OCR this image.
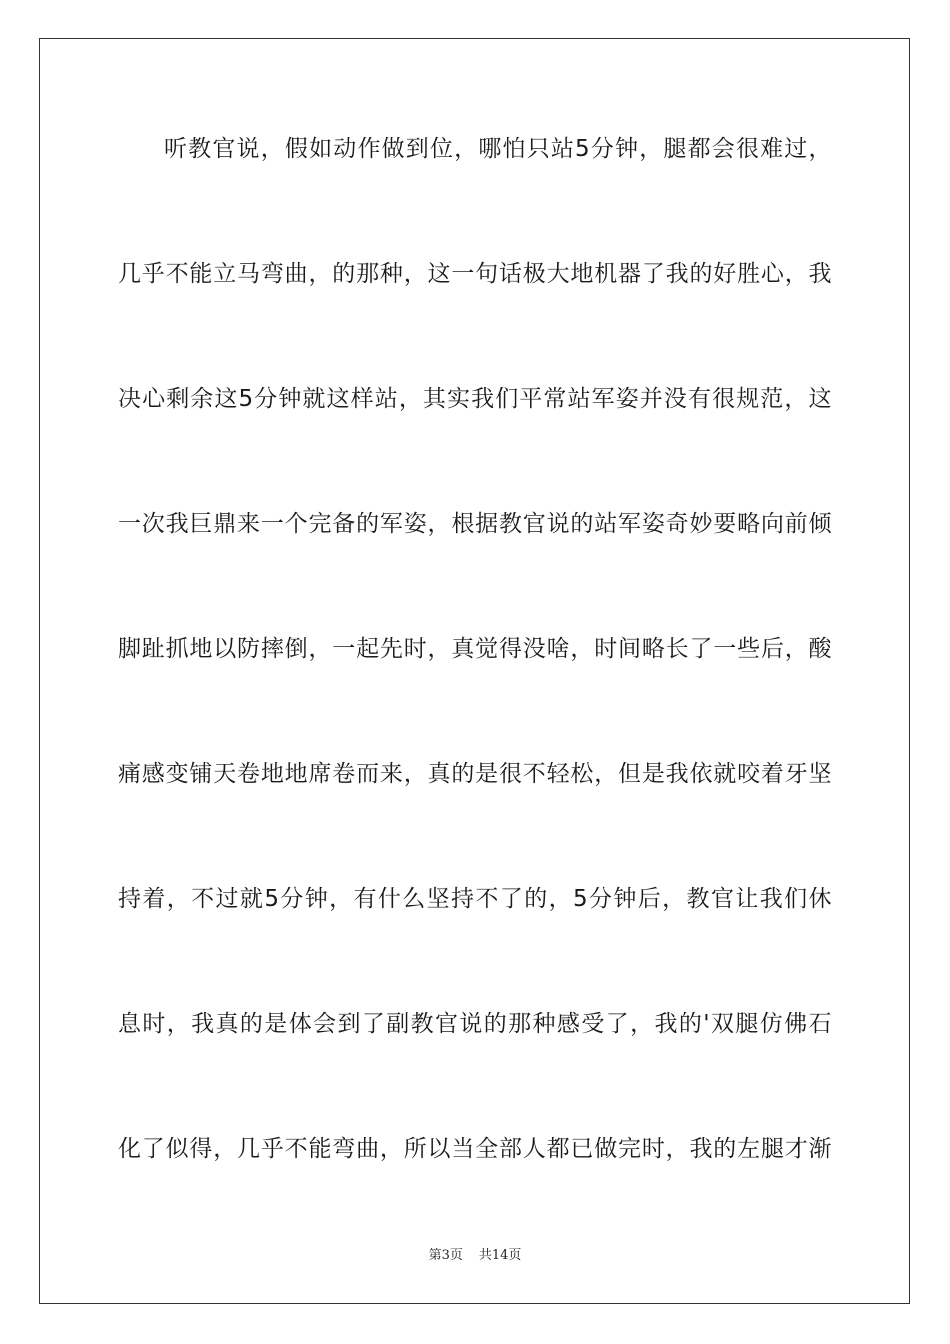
听教官说，假如动作做到位，哪怕只站5分钟，腿都会很难过，
几乎不能立马弯曲，的那种，这一句话极大地机器了我的好胜心，我
决心剩余这5分钟就这样站，其实我们平常站军姿并没有很规范，这
一次我巨鼎来一个完备的军姿，根据教官说的站军姿奇妙要略向前倾
脚趾抓地以防摔倒，一起先时，真觉得没啥，时间略长了一些后，酸
痛感变铺天卷地地席卷而来，真的是很不轻松，但是我依就咬着牙坚
持着，不过就5分钟，有什么坚持不了的，5分钟后，教官让我们休
息时，我真的是体会到了副教官说的那种感受了，我的'双腿仿佛石
化了似得，几乎不能弯曲，所以当全部人都已做完时，我的左腿才渐
第3页 共14页
